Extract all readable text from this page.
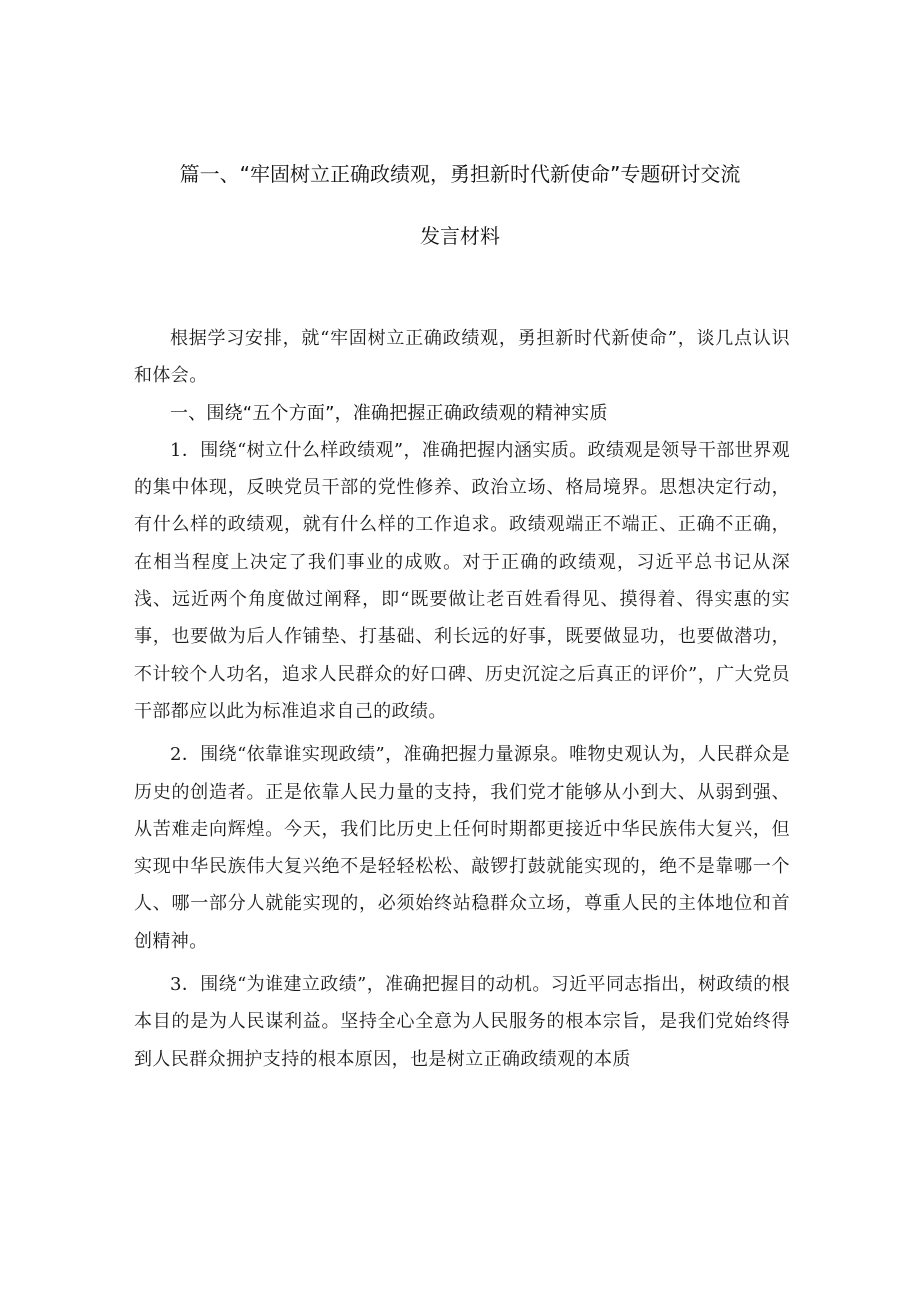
篇一、“牢固树立正确政绩观，勇担新时代新使命”专题研讨交流
发言材料

根据学习安排，就“牢固树立正确政绩观，勇担新时代新使命”，谈几点认识和体会。

一、围绕“五个方面”，准确把握正确政绩观的精神实质

1．围绕“树立什么样政绩观”，准确把握内涵实质。政绩观是领导干部世界观的集中体现，反映党员干部的党性修养、政治立场、格局境界。思想决定行动，有什么样的政绩观，就有什么样的工作追求。政绩观端正不端正、正确不正确，在相当程度上决定了我们事业的成败。对于正确的政绩观，习近平总书记从深浅、远近两个角度做过阐释，即“既要做让老百姓看得见、摸得着、得实惠的实事，也要做为后人作铺垫、打基础、利长远的好事，既要做显功，也要做潜功，不计较个人功名，追求人民群众的好口碑、历史沉淀之后真正的评价”，广大党员干部都应以此为标准追求自己的政绩。

2．围绕“依靠谁实现政绩”，准确把握力量源泉。唯物史观认为，人民群众是历史的创造者。正是依靠人民力量的支持，我们党才能够从小到大、从弱到强、从苦难走向辉煌。今天，我们比历史上任何时期都更接近中华民族伟大复兴，但实现中华民族伟大复兴绝不是轻轻松松、敲锣打鼓就能实现的，绝不是靠哪一个人、哪一部分人就能实现的，必须始终站稳群众立场，尊重人民的主体地位和首创精神。

3．围绕“为谁建立政绩”，准确把握目的动机。习近平同志指出，树政绩的根本目的是为人民谋利益。坚持全心全意为人民服务的根本宗旨，是我们党始终得到人民群众拥护支持的根本原因，也是树立正确政绩观的本质
